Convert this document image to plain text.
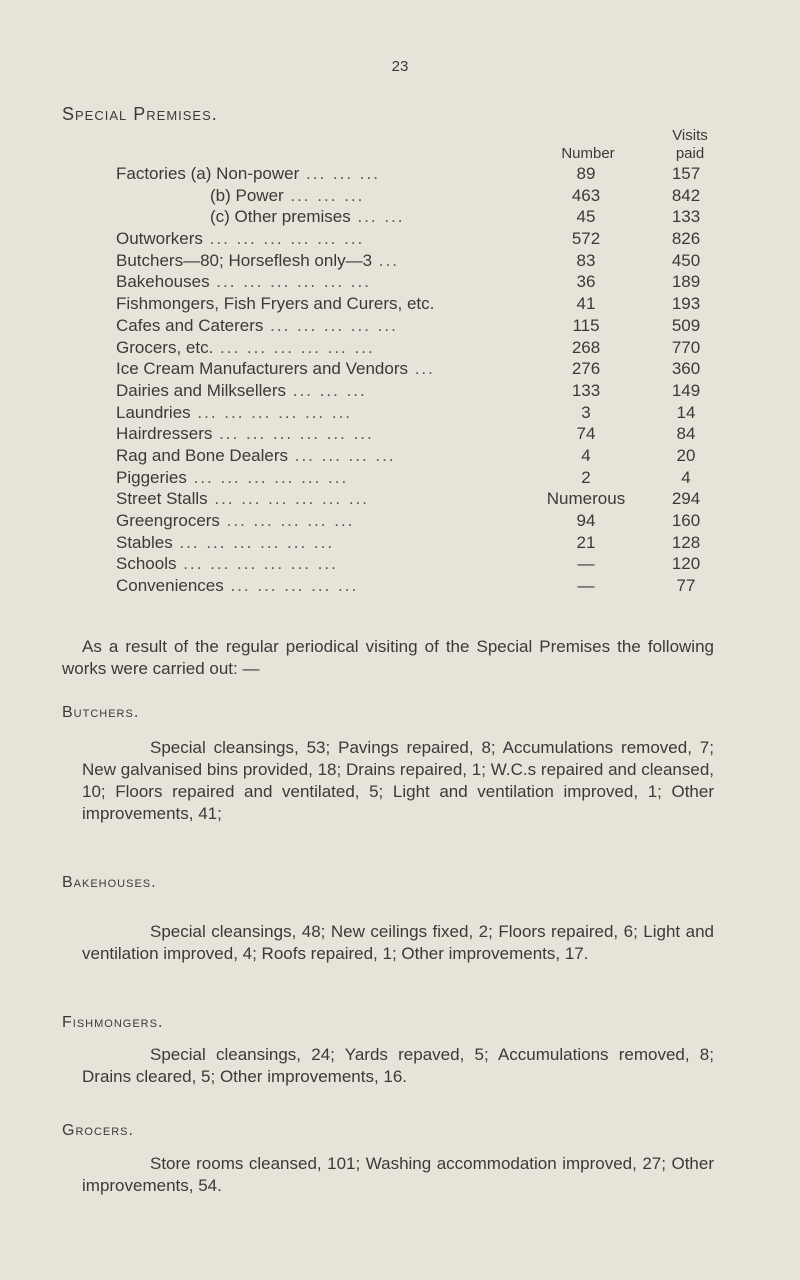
23
Special Premises.
Number
Visits
paid
Factories (a) Non-power ... ... ...	89	157
(b) Power ... ... ...	463	842
(c) Other premises ... ...	45	133
Outworkers ... ... ... ... ... ...	572	826
Butchers—80; Horseflesh only—3 ...	83	450
Bakehouses ... ... ... ... ... ...	36	189
Fishmongers, Fish Fryers and Curers, etc.	41	193
Cafes and Caterers ... ... ... ... ...	115	509
Grocers, etc. ... ... ... ... ... ...	268	770
Ice Cream Manufacturers and Vendors ...	276	360
Dairies and Milksellers ... ... ...	133	149
Laundries ... ... ... ... ... ...	3	14
Hairdressers ... ... ... ... ... ...	74	84
Rag and Bone Dealers ... ... ... ...	4	20
Piggeries ... ... ... ... ... ...	2	4
Street Stalls ... ... ... ... ... ...	Numerous	294
Greengrocers ... ... ... ... ...	94	160
Stables ... ... ... ... ... ...	21	128
Schools ... ... ... ... ... ...	—	120
Conveniences ... ... ... ... ...	—	77
As a result of the regular periodical visiting of the Special Premises the following works were carried out: —
Butchers.
Special cleansings, 53; Pavings repaired, 8; Accumulations removed, 7; New galvanised bins provided, 18; Drains repaired, 1; W.C.s repaired and cleansed, 10; Floors repaired and ventilated, 5; Light and ventilation improved, 1; Other improvements, 41;
Bakehouses.
Special cleansings, 48; New ceilings fixed, 2; Floors repaired, 6; Light and ventilation improved, 4; Roofs repaired, 1; Other improvements, 17.
Fishmongers.
Special cleansings, 24; Yards repaved, 5; Accumulations removed, 8; Drains cleared, 5; Other improvements, 16.
Grocers.
Store rooms cleansed, 101; Washing accommodation improved, 27; Other improvements, 54.
